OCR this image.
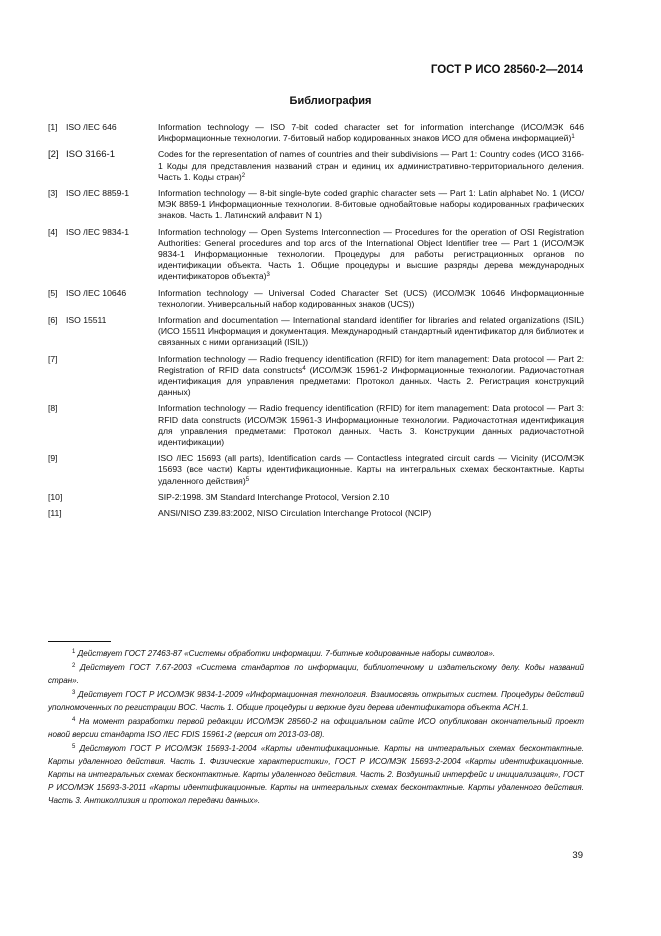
ГОСТ Р ИСО 28560-2—2014
Библиография
[1] ISO /IEC 646	Information technology — ISO 7-bit coded character set for information interchange (ИСО/МЭК 646 Информационные технологии. 7-битовый набор кодированных знаков ИСО для обмена информацией)$^1$
[2] ISO 3166-1	Codes for the representation of names of countries and their subdivisions — Part 1: Country codes (ИСО 3166-1 Коды для представления названий стран и единиц их административно-территориального деления. Часть 1. Коды стран)$^2$
[3] ISO /IEC 8859-1	Information technology — 8-bit single-byte coded graphic character sets — Part 1: Latin alphabet No. 1 (ИСО/МЭК 8859-1 Информационные технологии. 8-битовые однобайтовые наборы кодированных графических знаков. Часть 1. Латинский алфавит N 1)
[4] ISO /IEC 9834-1	Information technology — Open Systems Interconnection — Procedures for the operation of OSI Registration Authorities: General procedures and top arcs of the International Object Identifier tree — Part 1 (ИСО/МЭК 9834-1 Информационные технологии. Процедуры для работы регистрационных органов по идентификации объекта. Часть 1. Общие процедуры и высшие разряды дерева международных идентификаторов объекта)$^3$
[5] ISO /IEC 10646	Information technology — Universal Coded Character Set (UCS) (ИСО/МЭК 10646 Информационные технологии. Универсальный набор кодированных знаков (UCS))
[6] ISO 15511	Information and documentation — International standard identifier for libraries and related organizations (ISIL) (ИСО 15511 Информация и документация. Международный стандартный идентификатор для библиотек и связанных с ними организаций (ISIL))
[7]	Information technology — Radio frequency identification (RFID) for item management: Data protocol — Part 2: Registration of RFID data constructs$^4$ (ИСО/МЭК 15961-2 Информационные технологии. Радиочастотная идентификация для управления предметами: Протокол данных. Часть 2. Регистрация конструкций данных)
[8]	Information technology — Radio frequency identification (RFID) for item management: Data protocol — Part 3: RFID data constructs (ИСО/МЭК 15961-3 Информационные технологии. Радиочастотная идентификация для управления предметами: Протокол данных. Часть 3. Конструкции данных радиочастотной идентификации)
[9]	ISO /IEC 15693 (all parts), Identification cards — Contactless integrated circuit cards — Vicinity (ИСО/МЭК 15693 (все части) Карты идентификационные. Карты на интегральных схемах бесконтактные. Карты удаленного действия)$^5$
[10]	SIP-2:1998. 3M Standard Interchange Protocol, Version 2.10
[11]	ANSI/NISO Z39.83:2002, NISO Circulation Interchange Protocol (NCIP)
$^1$ Действует ГОСТ 27463-87 «Системы обработки информации. 7-битные кодированные наборы символов».
$^2$ Действует ГОСТ 7.67-2003 «Система стандартов по информации, библиотечному и издательскому делу. Коды названий стран».
$^3$ Действует ГОСТ Р ИСО/МЭК 9834-1-2009 «Информационная технология. Взаимосвязь открытых систем. Процедуры действий уполномоченных по регистрации ВОС. Часть 1. Общие процедуры и верхние дуги дерева идентификатора объекта АСН.1.
$^4$ На момент разработки первой редакции ИСО/МЭК 28560-2 на официальном сайте ИСО опубликован окончательный проект новой версии стандарта ISO /IEC FDIS 15961-2 (версия от 2013-03-08).
$^5$ Действуют ГОСТ Р ИСО/МЭК 15693-1-2004 «Карты идентификационные. Карты на интегральных схемах бесконтактные. Карты удаленного действия. Часть 1. Физические характеристики», ГОСТ Р ИСО/МЭК 15693-2-2004 «Карты идентификационные. Карты на интегральных схемах бесконтактные. Карты удаленного действия. Часть 2. Воздушный интерфейс и инициализация», ГОСТ Р ИСО/МЭК 15693-3-2011 «Карты идентификационные. Карты на интегральных схемах бесконтактные. Карты удаленного действия. Часть 3. Антиколлизия и протокол передачи данных».
39
